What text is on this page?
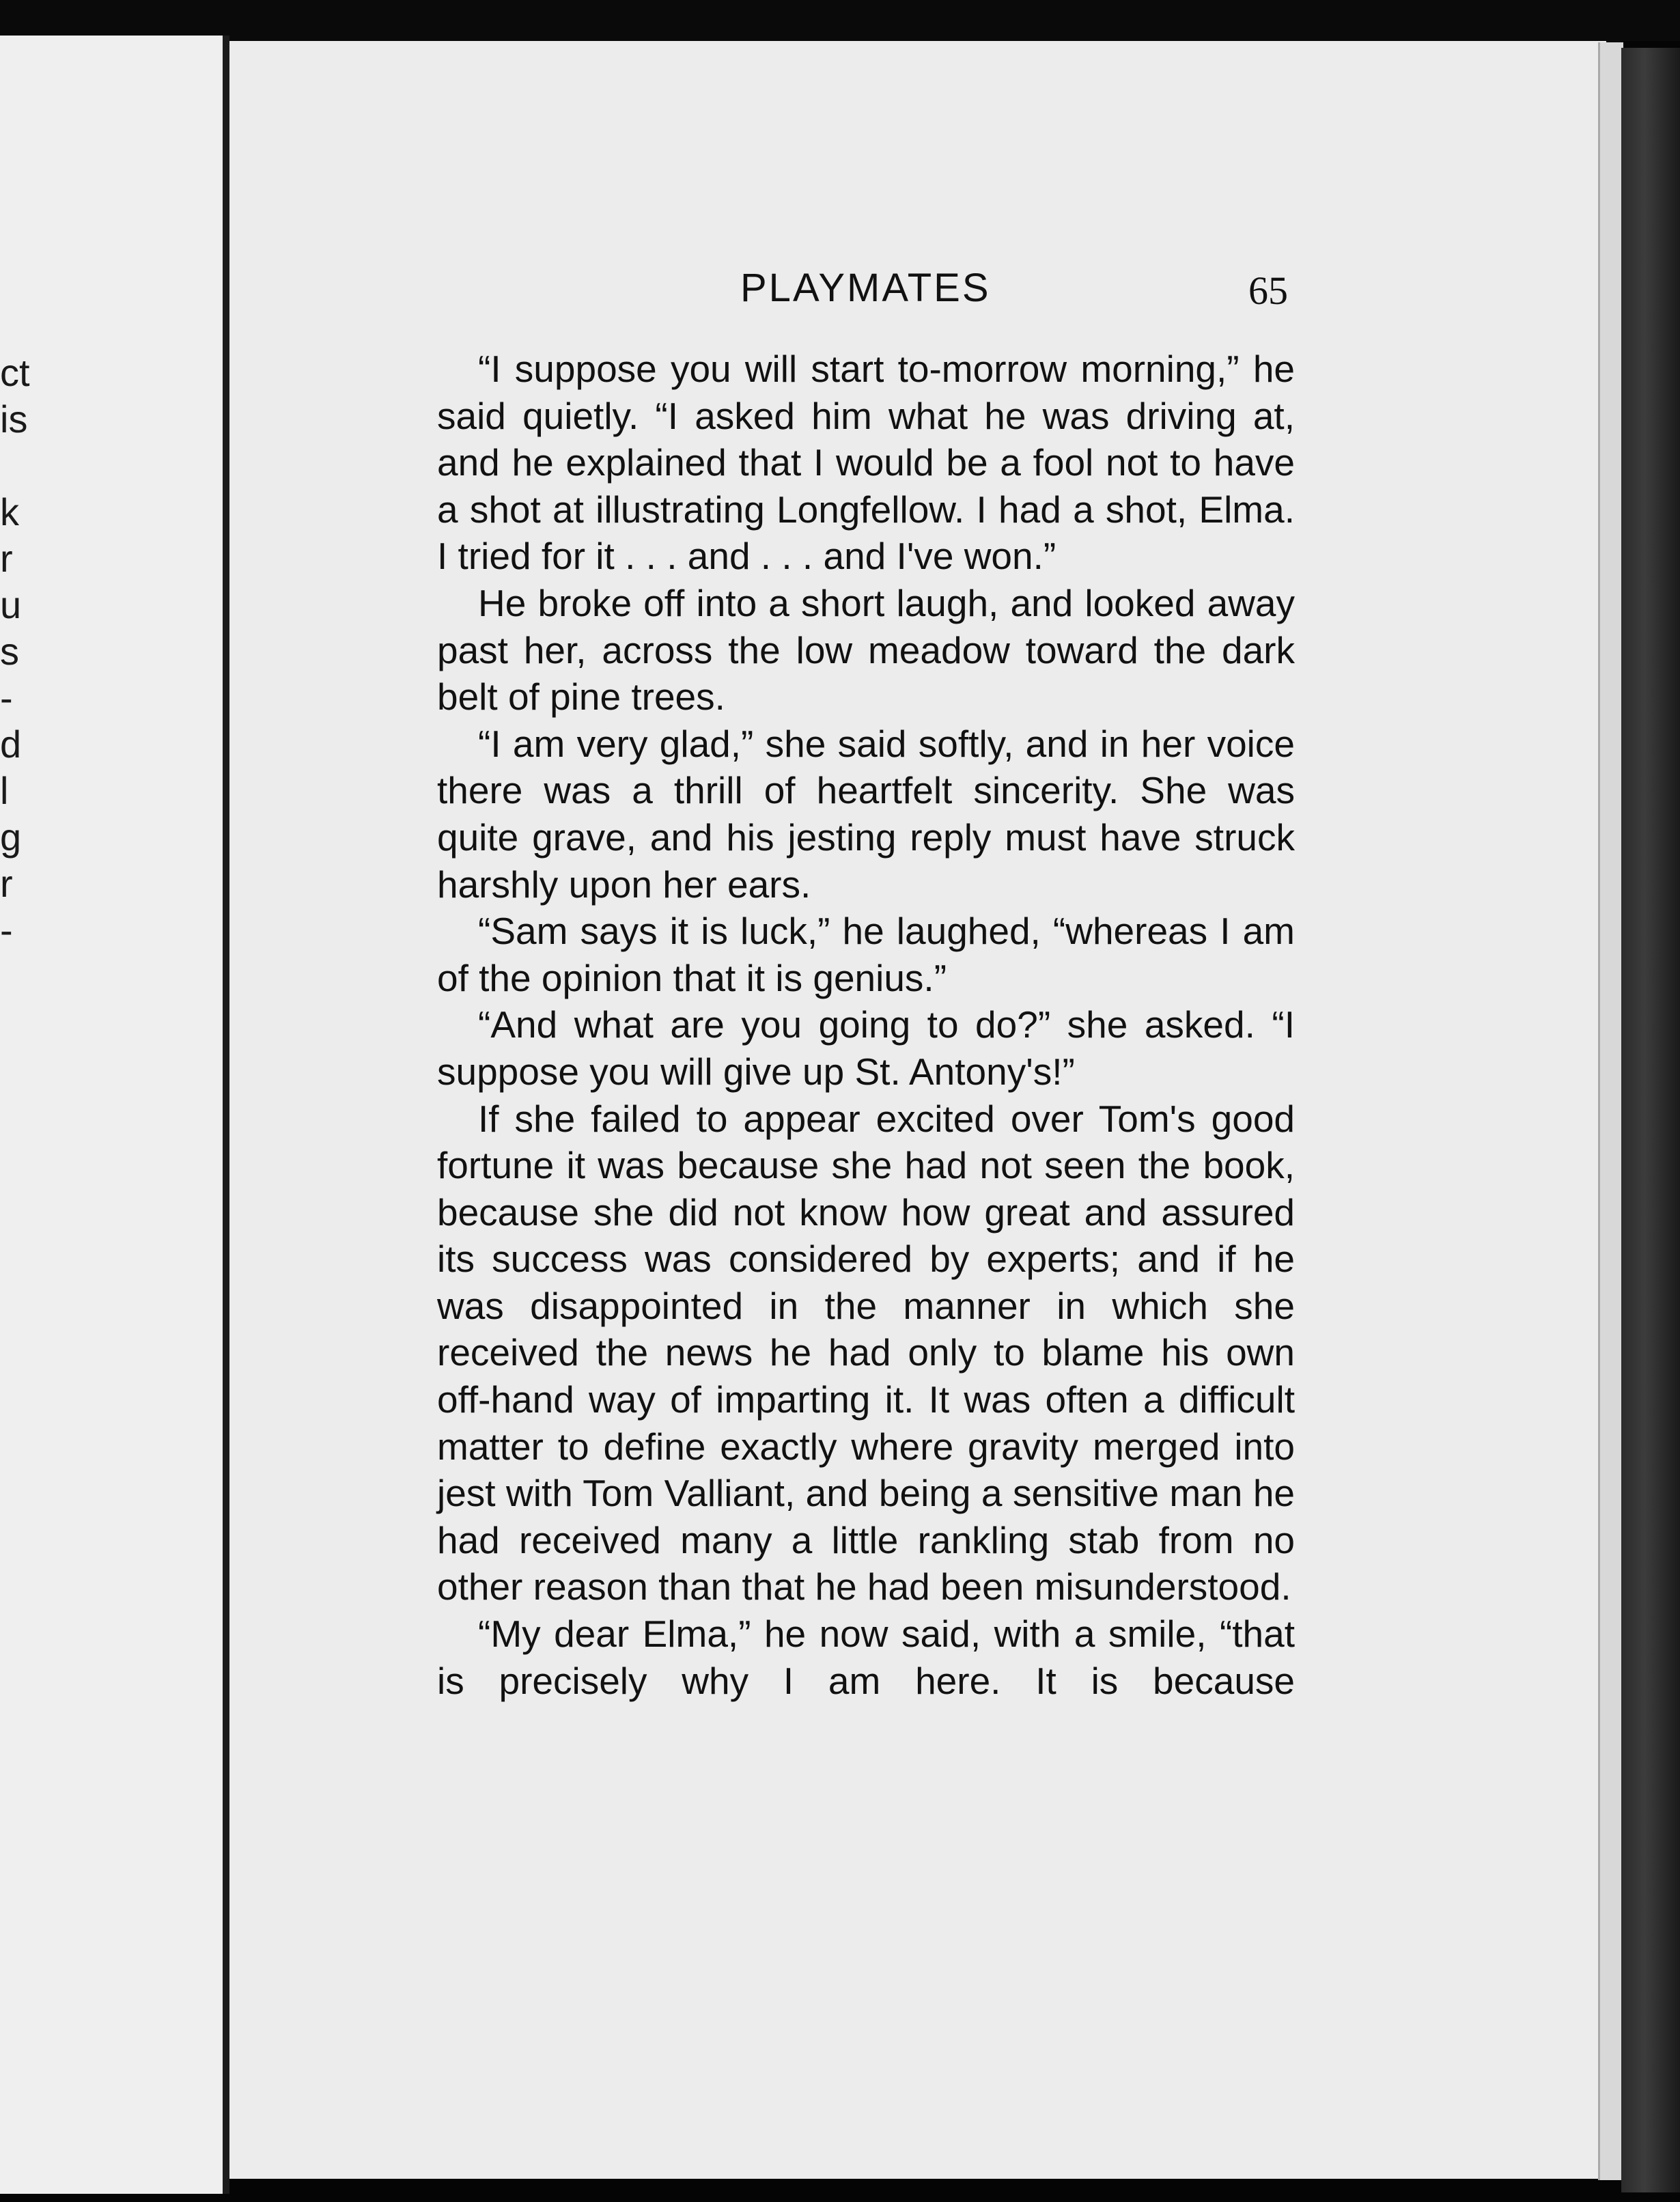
ct
is
k
r
u
s
-
d
l
g
r
-
PLAYMATES	65

“I suppose you will start to-morrow morning,” he said quietly. “I asked him what he was driving at, and he explained that I would be a fool not to have a shot at illustrating Longfellow. I had a shot, Elma. I tried for it . . . and . . . and I've won.”

He broke off into a short laugh, and looked away past her, across the low meadow toward the dark belt of pine trees.

“I am very glad,” she said softly, and in her voice there was a thrill of heartfelt sincerity. She was quite grave, and his jesting reply must have struck harshly upon her ears.

“Sam says it is luck,” he laughed, “whereas I am of the opinion that it is genius.”

“And what are you going to do?” she asked. “I suppose you will give up St. Antony's!”

If she failed to appear excited over Tom's good fortune it was because she had not seen the book, because she did not know how great and assured its success was considered by experts; and if he was disappointed in the manner in which she received the news he had only to blame his own off-hand way of imparting it. It was often a difficult matter to define exactly where gravity merged into jest with Tom Valliant, and being a sensitive man he had received many a little rankling stab from no other reason than that he had been misunderstood.

“My dear Elma,” he now said, with a smile, “that is precisely why I am here. It is because
